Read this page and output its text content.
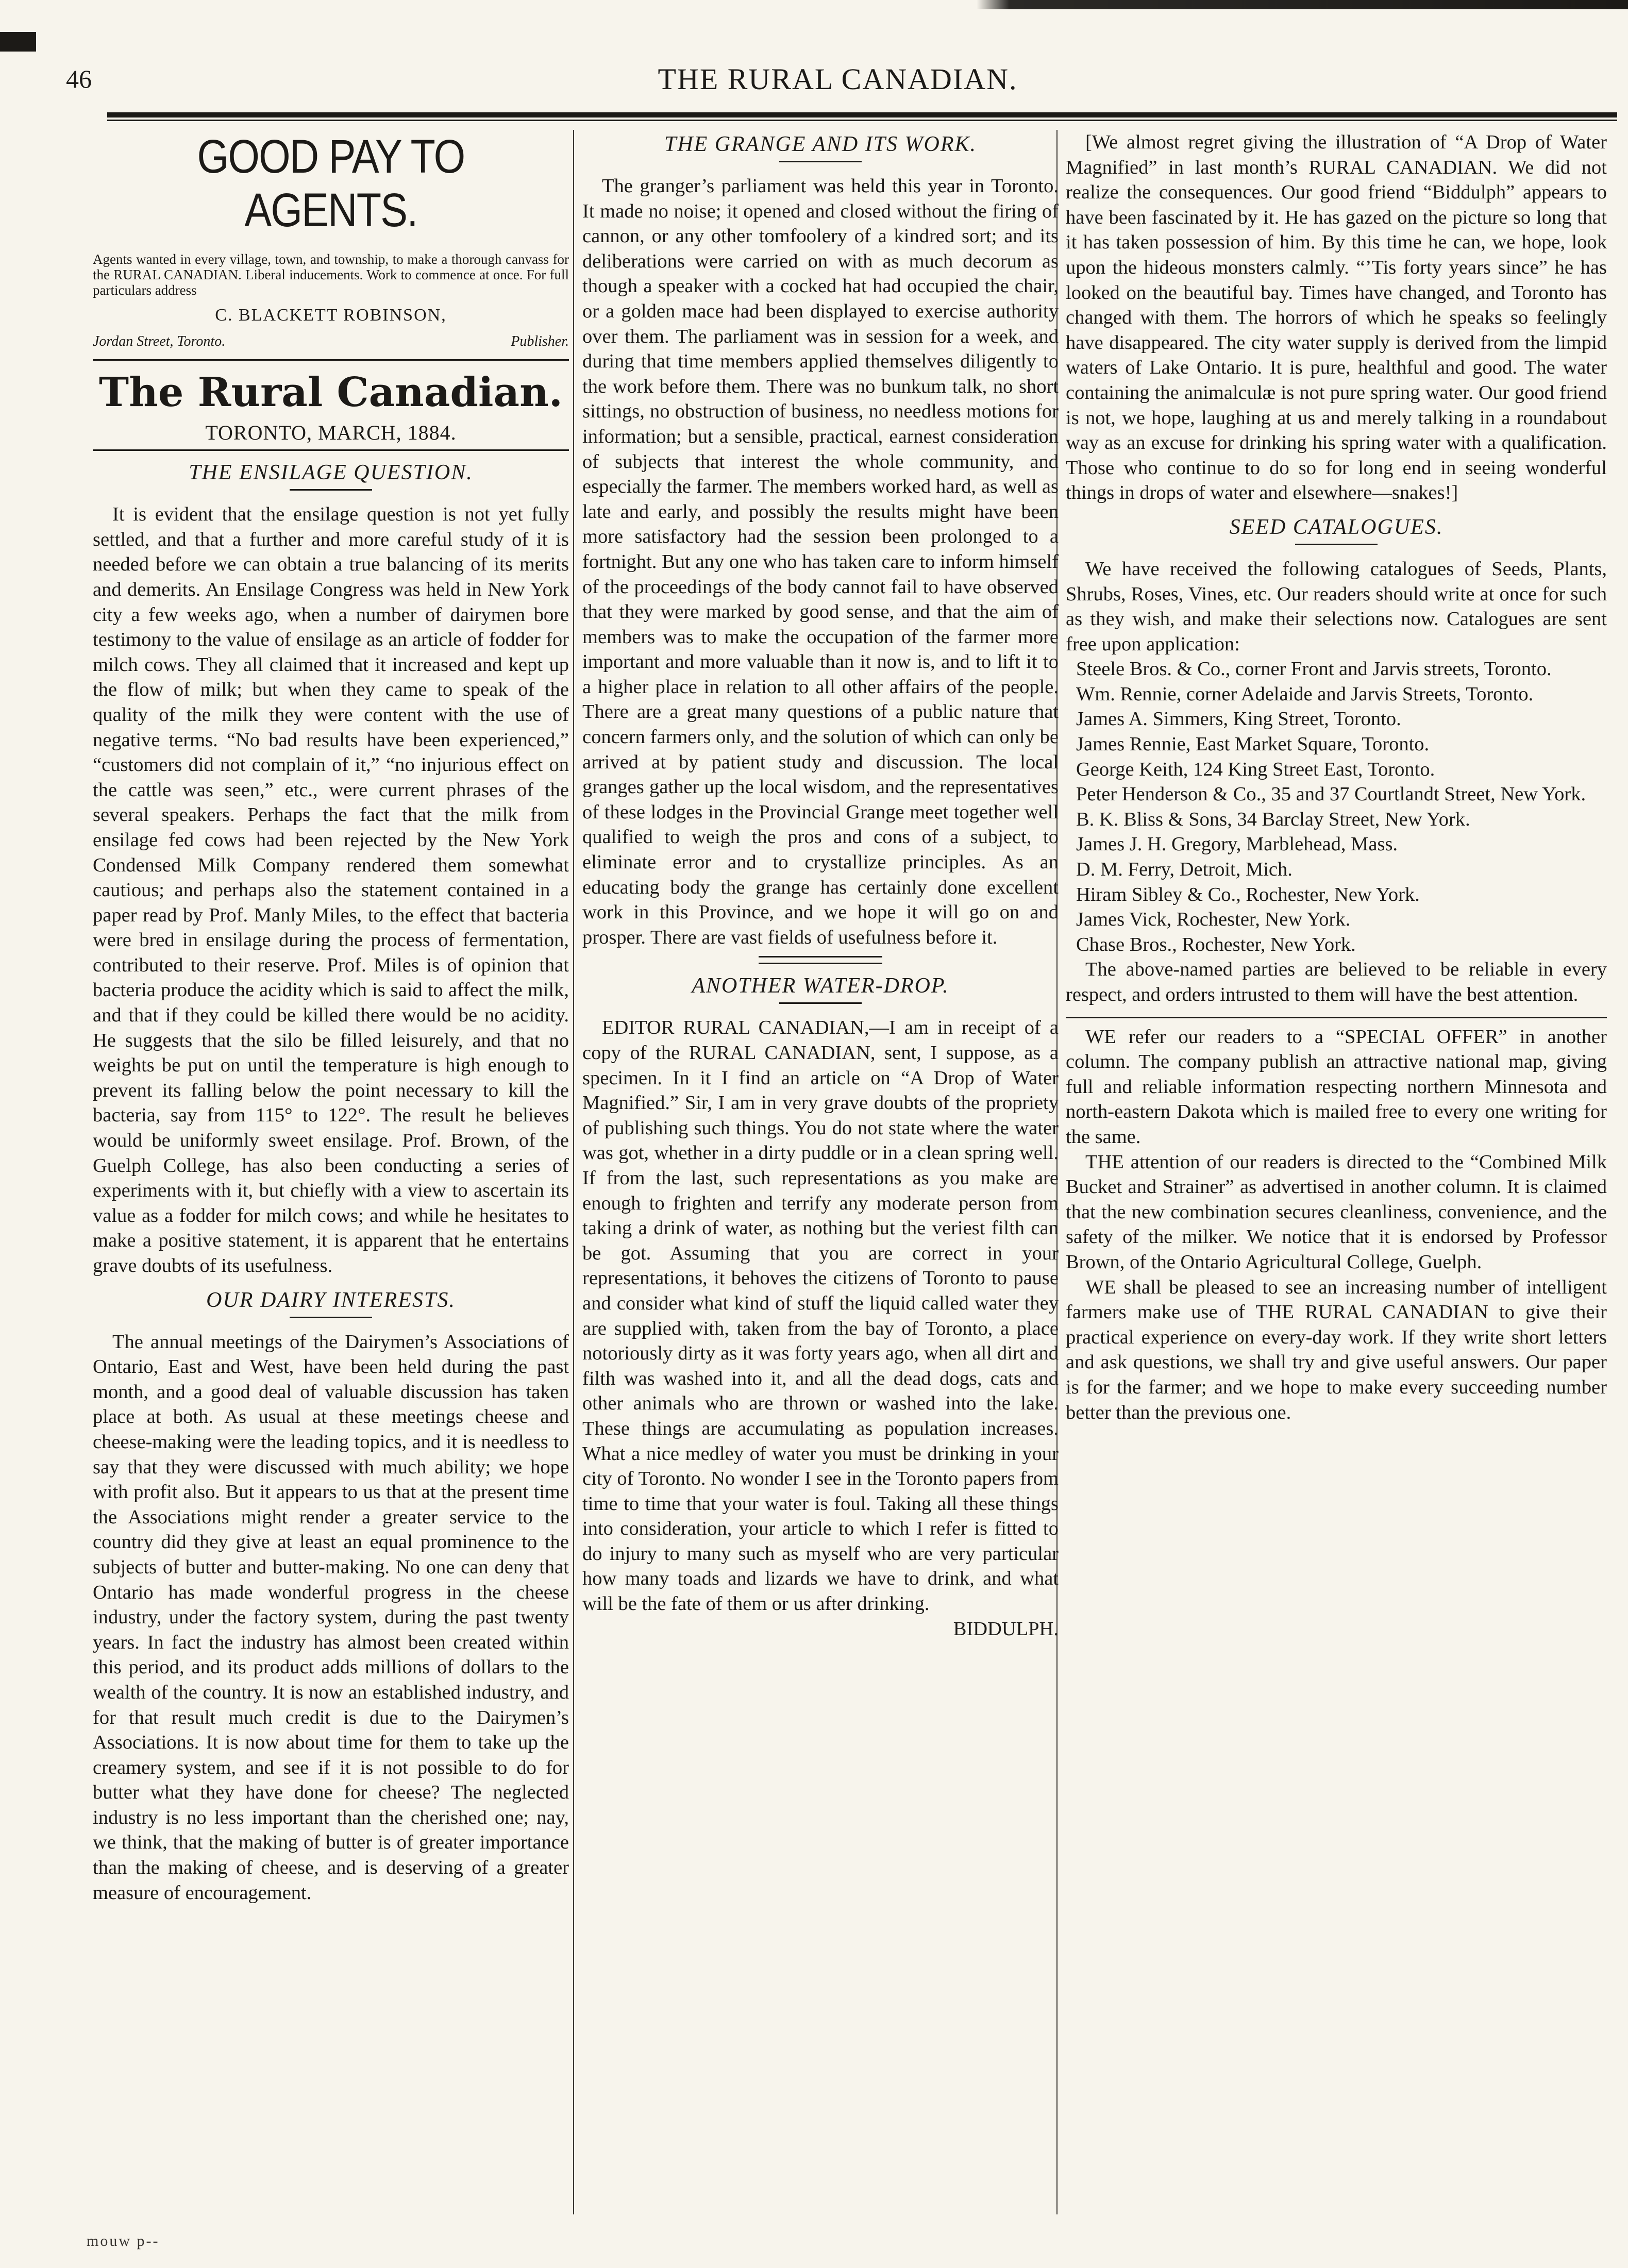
46	THE RURAL CANADIAN.
GOOD PAY TO AGENTS.
Agents wanted in every village, town, and township, to make a thorough canvass for the RURAL CANADIAN. Liberal inducements. Work to commence at once. For full particulars address
C. BLACKETT ROBINSON,
Jordan Street, Toronto.	Publisher.
The Rural Canadian.
TORONTO, MARCH, 1884.
THE ENSILAGE QUESTION.

It is evident that the ensilage question is not yet fully settled, and that a further and more careful study of it is needed before we can obtain a true balancing of its merits and demerits. An Ensilage Congress was held in New York city a few weeks ago, when a number of dairymen bore testimony to the value of ensilage as an article of fodder for milch cows. They all claimed that it increased and kept up the flow of milk; but when they came to speak of the quality of the milk they were content with the use of negative terms. “No bad results have been experienced,” “customers did not complain of it,” “no injurious effect on the cattle was seen,” etc., were current phrases of the several speakers. Perhaps the fact that the milk from ensilage fed cows had been rejected by the New York Condensed Milk Company rendered them somewhat cautious; and perhaps also the statement contained in a paper read by Prof. Manly Miles, to the effect that bacteria were bred in ensilage during the process of fermentation, contributed to their reserve. Prof. Miles is of opinion that bacteria produce the acidity which is said to affect the milk, and that if they could be killed there would be no acidity. He suggests that the silo be filled leisurely, and that no weights be put on until the temperature is high enough to prevent its falling below the point necessary to kill the bacteria, say from 115° to 122°. The result he believes would be uniformly sweet ensilage. Prof. Brown, of the Guelph College, has also been conducting a series of experiments with it, but chiefly with a view to ascertain its value as a fodder for milch cows; and while he hesitates to make a positive statement, it is apparent that he entertains grave doubts of its usefulness.

OUR DAIRY INTERESTS.

The annual meetings of the Dairymen’s Associations of Ontario, East and West, have been held during the past month, and a good deal of valuable discussion has taken place at both. As usual at these meetings cheese and cheese-making were the leading topics, and it is needless to say that they were discussed with much ability; we hope with profit also. But it appears to us that at the present time the Associations might render a greater service to the country did they give at least an equal prominence to the subjects of butter and butter-making. No one can deny that Ontario has made wonderful progress in the cheese industry, under the factory system, during the past twenty years. In fact the industry has almost been created within this period, and its product adds millions of dollars to the wealth of the country. It is now an established industry, and for that result much credit is due to the Dairymen’s Associations. It is now about time for them to take up the creamery system, and see if it is not possible to do for butter what they have done for cheese? The neglected industry is no less important than the cherished one; nay, we think, that the making of butter is of greater importance than the making of cheese, and is deserving of a greater measure of encouragement.

THE GRANGE AND ITS WORK.

The granger’s parliament was held this year in Toronto. It made no noise; it opened and closed without the firing of cannon, or any other tomfoolery of a kindred sort; and its deliberations were carried on with as much decorum as though a speaker with a cocked hat had occupied the chair, or a golden mace had been displayed to exercise authority over them. The parliament was in session for a week, and during that time members applied themselves diligently to the work before them. There was no bunkum talk, no short sittings, no obstruction of business, no needless motions for information; but a sensible, practical, earnest consideration of subjects that interest the whole community, and especially the farmer. The members worked hard, as well as late and early, and possibly the results might have been more satisfactory had the session been prolonged to a fortnight. But any one who has taken care to inform himself of the proceedings of the body cannot fail to have observed that they were marked by good sense, and that the aim of members was to make the occupation of the farmer more important and more valuable than it now is, and to lift it to a higher place in relation to all other affairs of the people. There are a great many questions of a public nature that concern farmers only, and the solution of which can only be arrived at by patient study and discussion. The local granges gather up the local wisdom, and the representatives of these lodges in the Provincial Grange meet together well qualified to weigh the pros and cons of a subject, to eliminate error and to crystallize principles. As an educating body the grange has certainly done excellent work in this Province, and we hope it will go on and prosper. There are vast fields of usefulness before it.

ANOTHER WATER-DROP.

EDITOR RURAL CANADIAN,—I am in receipt of a copy of the RURAL CANADIAN, sent, I suppose, as a specimen. In it I find an article on “A Drop of Water Magnified.” Sir, I am in very grave doubts of the propriety of publishing such things. You do not state where the water was got, whether in a dirty puddle or in a clean spring well. If from the last, such representations as you make are enough to frighten and terrify any moderate person from taking a drink of water, as nothing but the veriest filth can be got. Assuming that you are correct in your representations, it behoves the citizens of Toronto to pause and consider what kind of stuff the liquid called water they are supplied with, taken from the bay of Toronto, a place notoriously dirty as it was forty years ago, when all dirt and filth was washed into it, and all the dead dogs, cats and other animals who are thrown or washed into the lake. These things are accumulating as population increases. What a nice medley of water you must be drinking in your city of Toronto. No wonder I see in the Toronto papers from time to time that your water is foul. Taking all these things into consideration, your article to which I refer is fitted to do injury to many such as myself who are very particular how many toads and lizards we have to drink, and what will be the fate of them or us after drinking.

BIDDULPH.

[We almost regret giving the illustration of “A Drop of Water Magnified” in last month’s RURAL CANADIAN. We did not realize the consequences. Our good friend “Biddulph” appears to have been fascinated by it. He has gazed on the picture so long that it has taken possession of him. By this time he can, we hope, look upon the hideous monsters calmly. “’Tis forty years since” he has looked on the beautiful bay. Times have changed, and Toronto has changed with them. The horrors of which he speaks so feelingly have disappeared. The city water supply is derived from the limpid waters of Lake Ontario. It is pure, healthful and good. The water containing the animalculæ is not pure spring water. Our good friend is not, we hope, laughing at us and merely talking in a roundabout way as an excuse for drinking his spring water with a qualification. Those who continue to do so for long end in seeing wonderful things in drops of water and elsewhere—snakes!]

SEED CATALOGUES.

We have received the following catalogues of Seeds, Plants, Shrubs, Roses, Vines, etc. Our readers should write at once for such as they wish, and make their selections now. Catalogues are sent free upon application:

Steele Bros. & Co., corner Front and Jarvis streets, Toronto.

Wm. Rennie, corner Adelaide and Jarvis Streets, Toronto.

James A. Simmers, King Street, Toronto.

James Rennie, East Market Square, Toronto.

George Keith, 124 King Street East, Toronto.

Peter Henderson & Co., 35 and 37 Courtlandt Street, New York.

B. K. Bliss & Sons, 34 Barclay Street, New York.

James J. H. Gregory, Marblehead, Mass.

D. M. Ferry, Detroit, Mich.

Hiram Sibley & Co., Rochester, New York.

James Vick, Rochester, New York.

Chase Bros., Rochester, New York.

The above-named parties are believed to be reliable in every respect, and orders intrusted to them will have the best attention.

WE refer our readers to a “SPECIAL OFFER” in another column. The company publish an attractive national map, giving full and reliable information respecting northern Minnesota and north-eastern Dakota which is mailed free to every one writing for the same.

THE attention of our readers is directed to the “Combined Milk Bucket and Strainer” as advertised in another column. It is claimed that the new combination secures cleanliness, convenience, and the safety of the milker. We notice that it is endorsed by Professor Brown, of the Ontario Agricultural College, Guelph.

WE shall be pleased to see an increasing number of intelligent farmers make use of THE RURAL CANADIAN to give their practical experience on every-day work. If they write short letters and ask questions, we shall try and give useful answers. Our paper is for the farmer; and we hope to make every succeeding number better than the previous one.

mouw p--
